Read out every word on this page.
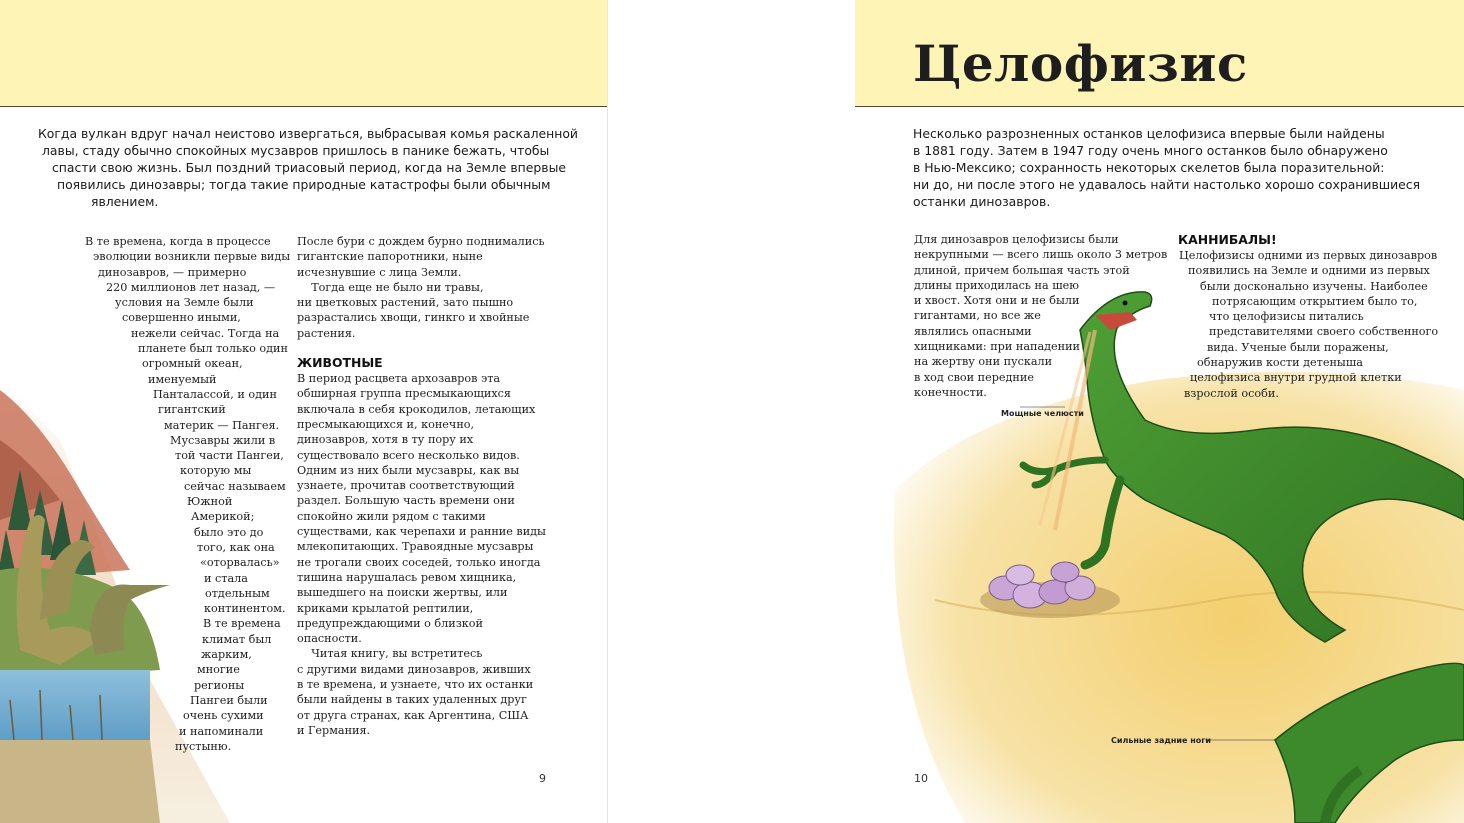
Когда вулкан вдруг начал неистово извергаться, выбрасывая комья раскаленной
лавы, стаду обычно спокойных мусзавров пришлось в панике бежать, чтобы
спасти свою жизнь. Был поздний триасовый период, когда на Земле впервые
появились динозавры; тогда такие природные катастрофы были обычным
явлением.
В те времена, когда в процессе
эволюции возникли первые виды
динозавров, — примерно
220 миллионов лет назад, —
условия на Земле были
совершенно иными,
нежели сейчас. Тогда на
планете был только один
огромный океан,
именуемый
Панталассой, и один
гигантский
материк — Пангея.
Мусзавры жили в
той части Пангеи,
которую мы
сейчас называем
Южной
Америкой;
было это до
того, как она
«оторвалась»
и стала
отдельным
континентом.
В те времена
климат был
жарким,
многие
регионы
Пангеи были
очень сухими
и напоминали
пустыню.
После бури с дождем бурно поднимались
гигантские папоротники, ныне
исчезнувшие с лица Земли.
Тогда еще не было ни травы,
ни цветковых растений, зато пышно
разрастались хвощи, гинкго и хвойные
растения.
ЖИВОТНЫЕ
В период расцвета архозавров эта
обширная группа пресмыкающихся
включала в себя крокодилов, летающих
пресмыкающихся и, конечно,
динозавров, хотя в ту пору их
существовало всего несколько видов.
Одним из них были мусзавры, как вы
узнаете, прочитав соответствующий
раздел. Большую часть времени они
спокойно жили рядом с такими
существами, как черепахи и ранние виды
млекопитающих. Травоядные мусзавры
не трогали своих соседей, только иногда
тишина нарушалась ревом хищника,
вышедшего на поиски жертвы, или
криками крылатой рептилии,
предупреждающими о близкой
опасности.
Читая книгу, вы встретитесь
с другими видами динозавров, живших
в те времена, и узнаете, что их останки
были найдены в таких удаленных друг
от друга странах, как Аргентина, США
и Германия.
9
Целофизис
Несколько разрозненных останков целофизиса впервые были найдены
в 1881 году. Затем в 1947 году очень много останков было обнаружено
в Нью-Мексико; сохранность некоторых скелетов была поразительной:
ни до, ни после этого не удавалось найти настолько хорошо сохранившиеся
останки динозавров.
Для динозавров целофизисы были
некрупными — всего лишь около 3 метров
длиной, причем большая часть этой
длины приходилась на шею
и хвост. Хотя они и не были
гигантами, но все же
являлись опасными
хищниками: при нападении
на жертву они пускали
в ход свои передние
конечности.
КАННИБАЛЫ!
Целофизисы одними из первых динозавров
появились на Земле и одними из первых
были досконально изучены. Наиболее
потрясающим открытием было то,
что целофизисы питались
представителями своего собственного
вида. Ученые были поражены,
обнаружив кости детеныша
целофизиса внутри грудной клетки
взрослой особи.
Мощные челюсти
Сильные задние ноги
10
